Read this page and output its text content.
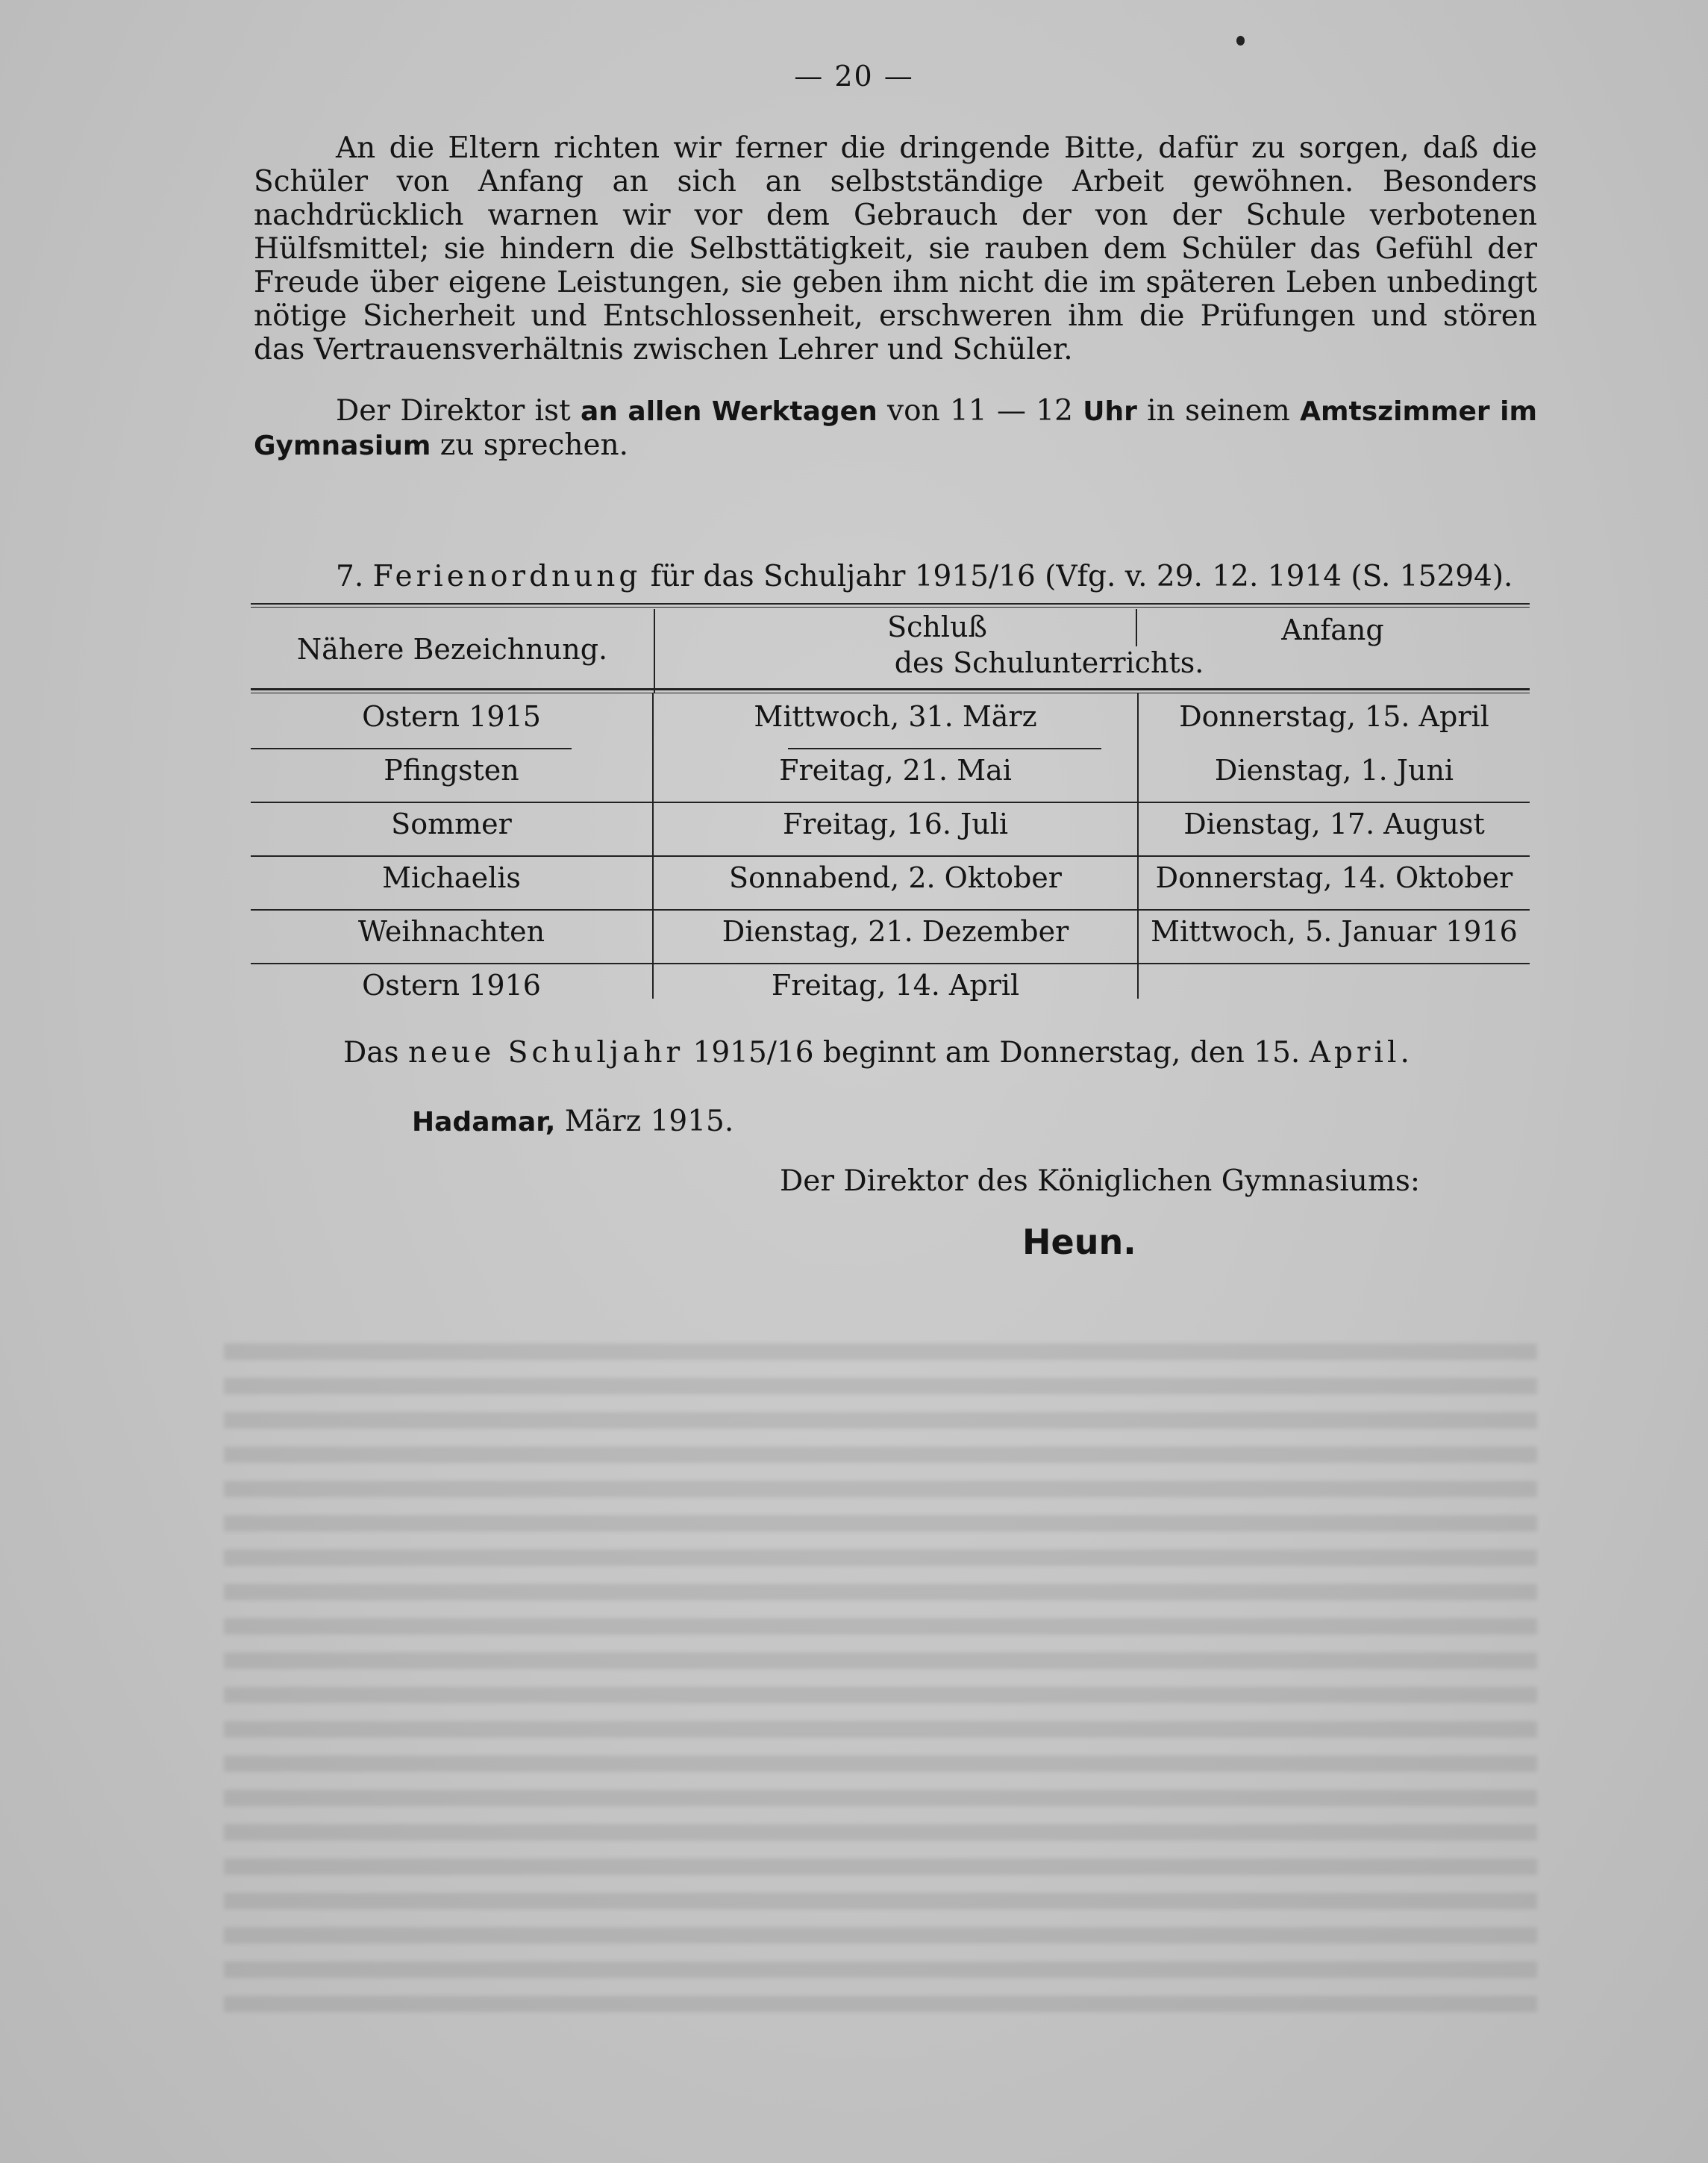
— 20 —
An die Eltern richten wir ferner die dringende Bitte, dafür zu sorgen, daß die Schüler von Anfang an sich an selbstständige Arbeit gewöhnen. Besonders nachdrücklich warnen wir vor dem Gebrauch der von der Schule verbotenen Hülfsmittel; sie hindern die Selbsttätigkeit, sie rauben dem Schüler das Gefühl der Freude über eigene Leistungen, sie geben ihm nicht die im späteren Leben unbedingt nötige Sicherheit und Entschlossenheit, erschweren ihm die Prüfungen und stören das Vertrauensverhältnis zwischen Lehrer und Schüler.
Der Direktor ist an allen Werktagen von 11 — 12 Uhr in seinem Amtszimmer im Gymnasium zu sprechen.
7. Ferienordnung für das Schuljahr 1915/16 (Vfg. v. 29. 12. 1914 (S. 15294).
Nähere Bezeichnung.
Schluß	Anfang
des Schulunterrichts.
Ostern 1915	Mittwoch, 31. März	Donnerstag, 15. April
Pfingsten	Freitag, 21. Mai	Dienstag, 1. Juni
Sommer	Freitag, 16. Juli	Dienstag, 17. August
Michaelis	Sonnabend, 2. Oktober	Donnerstag, 14. Oktober
Weihnachten	Dienstag, 21. Dezember	Mittwoch, 5. Januar 1916
Ostern 1916	Freitag, 14. April
Das neue Schuljahr 1915/16 beginnt am Donnerstag, den 15. April.
Hadamar, März 1915.
Der Direktor des Königlichen Gymnasiums:
Heun.
